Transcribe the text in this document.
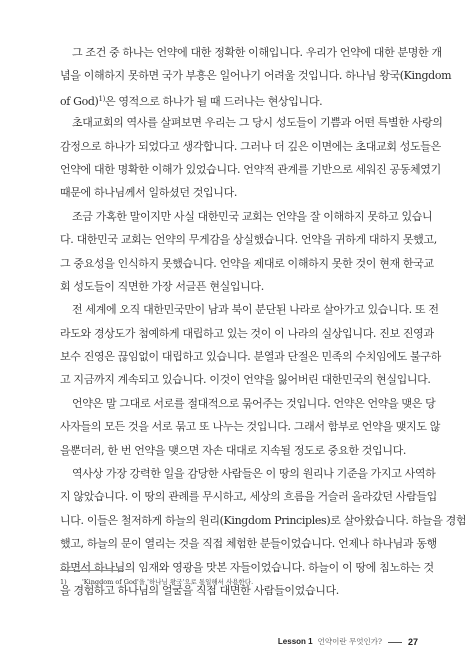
그 조건 중 하나는 언약에 대한 정확한 이해입니다. 우리가 언약에 대한 분명한 개
념을 이해하지 못하면 국가 부흥은 일어나기 어려울 것입니다. 하나님 왕국(Kingdom
of God)$^{1)}$은 영적으로 하나가 될 때 드러나는 현상입니다.

초대교회의 역사를 살펴보면 우리는 그 당시 성도들이 기쁨과 어떤 특별한 사랑의
감정으로 하나가 되었다고 생각합니다. 그러나 더 깊은 이면에는 초대교회 성도들은
언약에 대한 명확한 이해가 있었습니다. 언약적 관계를 기반으로 세워진 공동체였기
때문에 하나님께서 일하셨던 것입니다.

조금 가혹한 말이지만 사실 대한민국 교회는 언약을 잘 이해하지 못하고 있습니
다. 대한민국 교회는 언약의 무게감을 상실했습니다. 언약을 귀하게 대하지 못했고,
그 중요성을 인식하지 못했습니다. 언약을 제대로 이해하지 못한 것이 현재 한국교
회 성도들이 직면한 가장 서글픈 현실입니다.

전 세계에 오직 대한민국만이 남과 북이 분단된 나라로 살아가고 있습니다. 또 전
라도와 경상도가 첨예하게 대립하고 있는 것이 이 나라의 실상입니다. 진보 진영과
보수 진영은 끊임없이 대립하고 있습니다. 분열과 단절은 민족의 수치임에도 불구하
고 지금까지 계속되고 있습니다. 이것이 언약을 잃어버린 대한민국의 현실입니다.

언약은 말 그대로 서로를 절대적으로 묶어주는 것입니다. 언약은 언약을 맺은 당
사자들의 모든 것을 서로 묶고 또 나누는 것입니다. 그래서 함부로 언약을 맺지도 않
을뿐더러, 한 번 언약을 맺으면 자손 대대로 지속될 정도로 중요한 것입니다.

역사상 가장 강력한 일을 감당한 사람들은 이 땅의 원리나 기준을 가지고 사역하
지 않았습니다. 이 땅의 관례를 무시하고, 세상의 흐름을 거슬러 올라갔던 사람들입
니다. 이들은 철저하게 하늘의 원리(Kingdom Principles)로 살아왔습니다. 하늘을 경험
했고, 하늘의 문이 열리는 것을 직접 체험한 분들이었습니다. 언제나 하나님과 동행
하면서 하나님의 임재와 영광을 맛본 자들이었습니다. 하늘이 이 땅에 침노하는 것
을 경험하고 하나님의 얼굴을 직접 대면한 사람들이었습니다.

1) 'Kingdom of God'을 '하나님 왕국'으로 통일해서 사용한다.
Lesson 1 언약이란 무엇인가?	27
